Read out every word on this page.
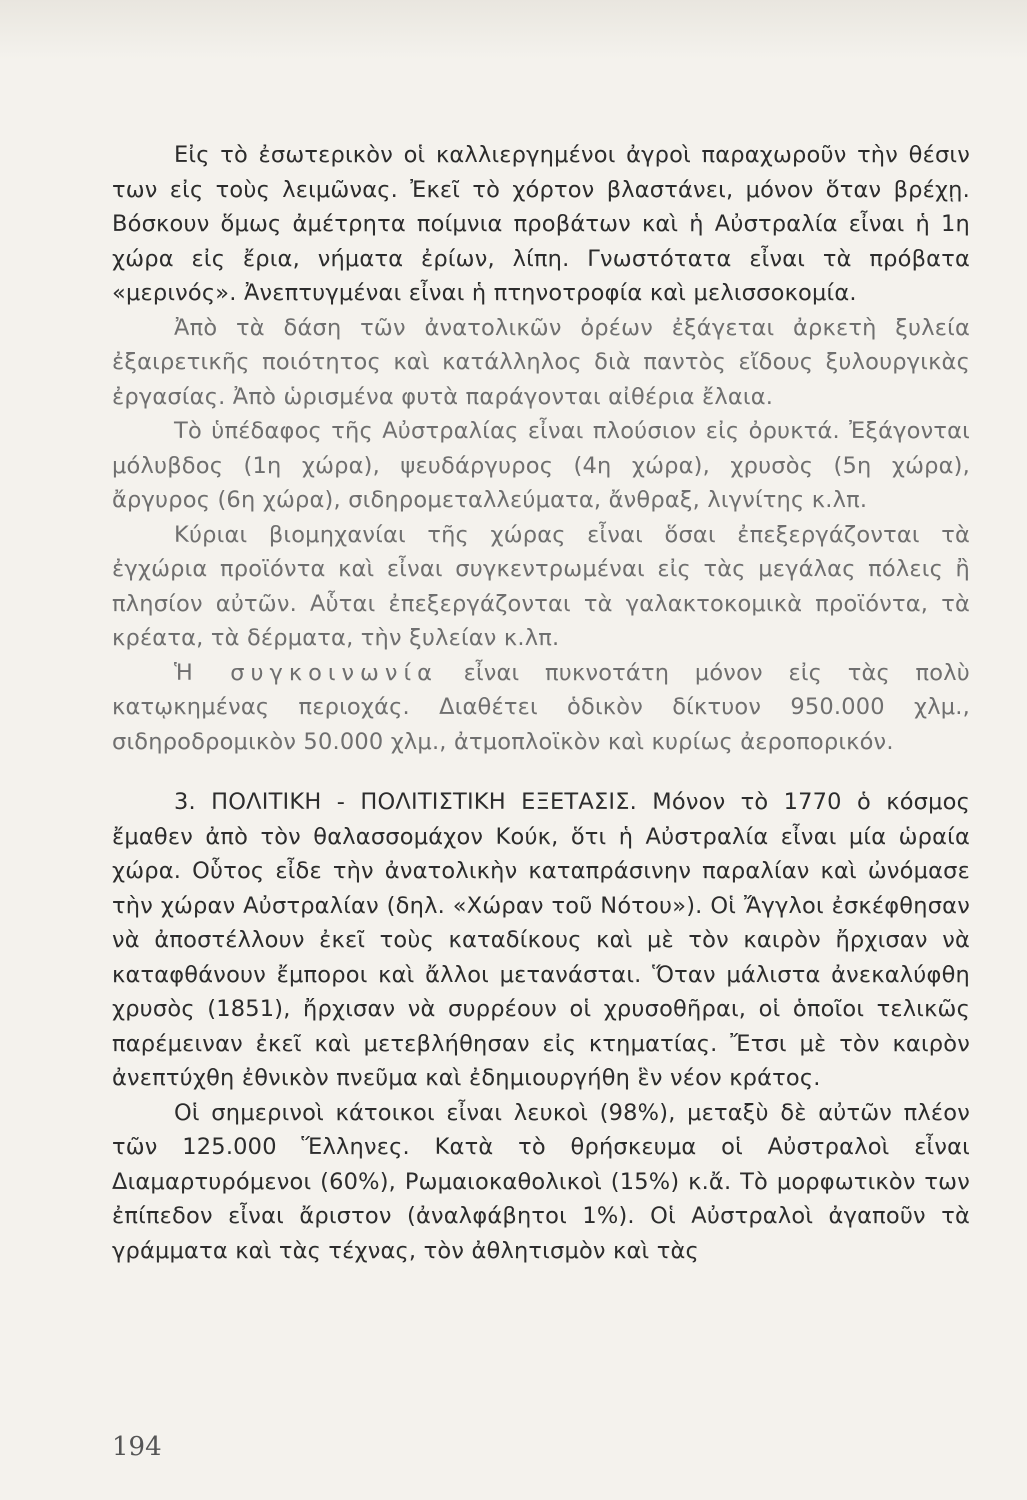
Εἰς τὸ ἐσωτερικὸν οἱ καλλιεργημένοι ἀγροὶ παραχωροῦν τὴν θέσιν των εἰς τοὺς λειμῶνας. Ἐκεῖ τὸ χόρτον βλαστάνει, μόνον ὅταν βρέχῃ. Βόσκουν ὅμως ἀμέτρητα ποίμνια προβάτων καὶ ἡ Αὐστραλία εἶναι ἡ 1η χώρα εἰς ἔρια, νήματα ἐρίων, λίπη. Γνωστότατα εἶναι τὰ πρόβατα «μερινός». Ἀνεπτυγμέναι εἶναι ἡ πτηνοτροφία καὶ μελισσοκομία.

Ἀπὸ τὰ δάση τῶν ἀνατολικῶν ὀρέων ἐξάγεται ἀρκετὴ ξυλεία ἐξαιρετικῆς ποιότητος καὶ κατάλληλος διὰ παντὸς εἴδους ξυλουργικὰς ἐργασίας. Ἀπὸ ὡρισμένα φυτὰ παράγονται αἰθέρια ἔλαια.

Τὸ ὑπέδαφος τῆς Αὐστραλίας εἶναι πλούσιον εἰς ὀρυκτά. Ἐξάγονται μόλυβδος (1η χώρα), ψευδάργυρος (4η χώρα), χρυσὸς (5η χώρα), ἄργυρος (6η χώρα), σιδηρομεταλλεύματα, ἄνθραξ, λιγνίτης κ.λπ.

Κύριαι βιομηχανίαι τῆς χώρας εἶναι ὅσαι ἐπεξεργάζονται τὰ ἐγχώρια προϊόντα καὶ εἶναι συγκεντρωμέναι εἰς τὰς μεγάλας πόλεις ἢ πλησίον αὐτῶν. Αὗται ἐπεξεργάζονται τὰ γαλακτοκομικὰ προϊόντα, τὰ κρέατα, τὰ δέρματα, τὴν ξυλείαν κ.λπ.

Ἡ συγκοινωνία εἶναι πυκνοτάτη μόνον εἰς τὰς πολὺ κατῳκημένας περιοχάς. Διαθέτει ὁδικὸν δίκτυον 950.000 χλμ., σιδηροδρομικὸν 50.000 χλμ., ἀτμοπλοϊκὸν καὶ κυρίως ἀεροπορικόν.

3. ΠΟΛΙΤΙΚΗ - ΠΟΛΙΤΙΣΤΙΚΗ ΕΞΕΤΑΣΙΣ. Μόνον τὸ 1770 ὁ κόσμος ἔμαθεν ἀπὸ τὸν θαλασσομάχον Κούκ, ὅτι ἡ Αὐστραλία εἶναι μία ὡραία χώρα. Οὗτος εἶδε τὴν ἀνατολικὴν καταπράσινην παραλίαν καὶ ὠνόμασε τὴν χώραν Αὐστραλίαν (δηλ. «Χώραν τοῦ Νότου»). Οἱ Ἄγγλοι ἐσκέφθησαν νὰ ἀποστέλλουν ἐκεῖ τοὺς καταδίκους καὶ μὲ τὸν καιρὸν ἤρχισαν νὰ καταφθάνουν ἔμποροι καὶ ἄλλοι μετανάσται. Ὅταν μάλιστα ἀνεκαλύφθη χρυσὸς (1851), ἤρχισαν νὰ συρρέουν οἱ χρυσοθῆραι, οἱ ὁποῖοι τελικῶς παρέμειναν ἐκεῖ καὶ μετεβλήθησαν εἰς κτηματίας. Ἔτσι μὲ τὸν καιρὸν ἀνεπτύχθη ἐθνικὸν πνεῦμα καὶ ἐδημιουργήθη ἓν νέον κράτος.

Οἱ σημερινοὶ κάτοικοι εἶναι λευκοὶ (98%), μεταξὺ δὲ αὐτῶν πλέον τῶν 125.000 Ἕλληνες. Κατὰ τὸ θρήσκευμα οἱ Αὐστραλοὶ εἶναι Διαμαρτυρόμενοι (60%), Ρωμαιοκαθολικοὶ (15%) κ.ἄ. Τὸ μορφωτικὸν των ἐπίπεδον εἶναι ἄριστον (ἀναλφάβητοι 1%). Οἱ Αὐστραλοὶ ἀγαποῦν τὰ γράμματα καὶ τὰς τέχνας, τὸν ἀθλητισμὸν καὶ τὰς

194
